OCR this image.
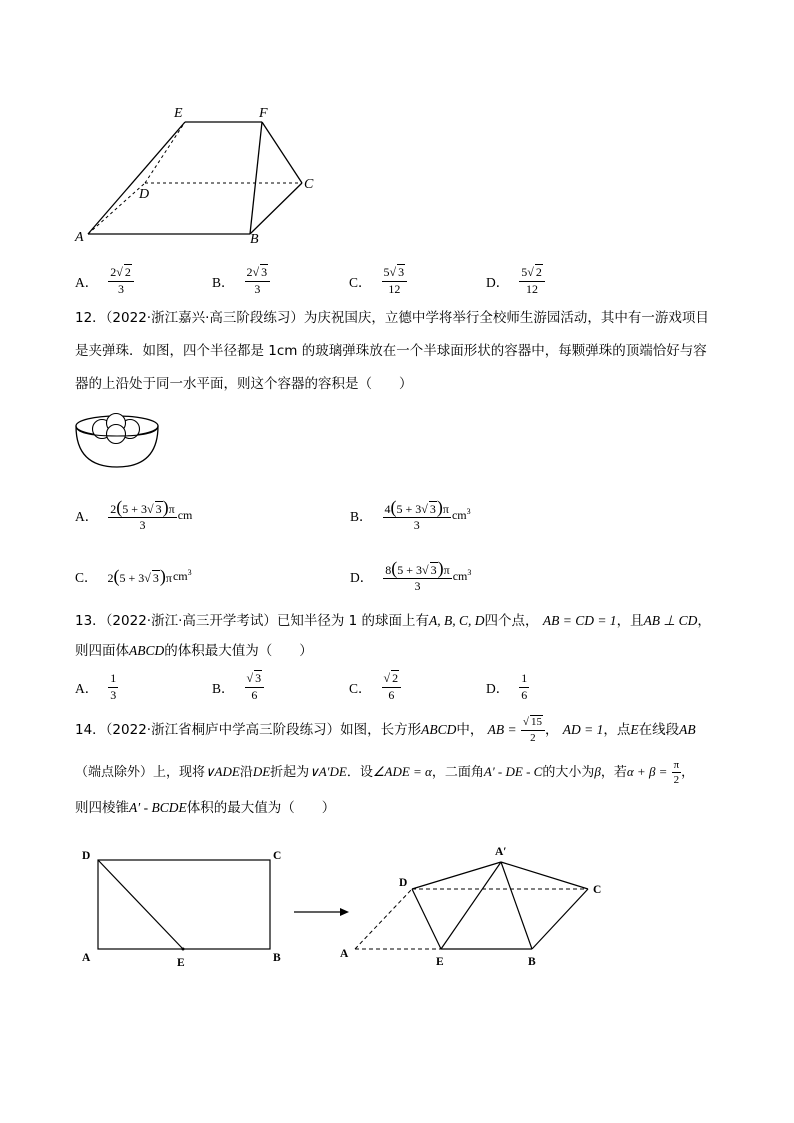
E	F
D
C
A	B
A． $\frac{2√ 2}{3}$	B． $\frac{2√ 3}{3}$	C． $\frac{5√ 3}{12}$	D． $\frac{5√ 2}{12}$
12．（2022·浙江嘉兴·高三阶段练习）为庆祝国庆，立德中学将举行全校师生游园活动，其中有一游戏项目
是夹弹珠．如图，四个半径都是 1cm 的玻璃弹珠放在一个半球面形状的容器中，每颗弹珠的顶端恰好与容
器的上沿处于同一水平面，则这个容器的容积是（　　）
A． $\frac{2(5 + 3√ 3)\pi}{3}$ cm	B． $\frac{4(5 + 3√ 3)\pi}{3} cm^3$
C． 2(5 + 3√ 3)π $cm^3$	D． $\frac{8(5 + 3√ 3)\pi}{3} cm^3$
13．（2022·浙江·高三开学考试）已知半径为 1 的球面上有A, B, C, D四个点， AB = CD = 1，且AB ⊥ CD，
则四面体ABCD的体积最大值为（　　）
A． $\frac{1}{3}$	B． $\frac{√ 3}{6}$	C． $\frac{√ 2}{6}$	D． $\frac{1}{6}$
14．（2022·浙江省桐庐中学高三阶段练习）如图，长方形ABCD中， AB = $\frac{√ 15}{2}$ ， AD = 1，点E在线段AB
（端点除外）上，现将∨ADE沿DE折起为∨A′DE．设∠ADE = α，二面角A′ - DE - C的大小为β，若$\alpha + \beta = \frac{\pi}{2}$ ，
则四棱锥A′ - BCDE体积的最大值为（　　）
D	C
A	E	B
A′
D
C
A
E	B
